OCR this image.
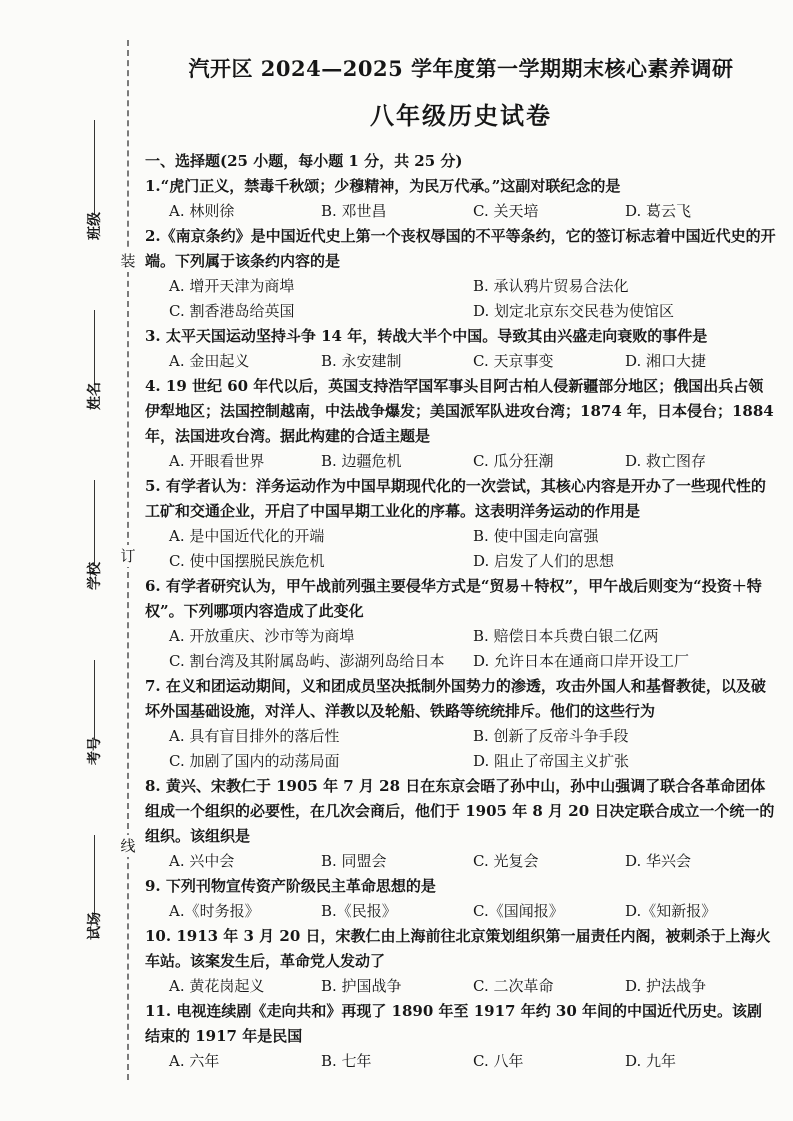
装
订
线
班级
姓名
学校
考号
试场
汽开区 2024—2025 学年度第一学期期末核心素养调研
八年级历史试卷
一、选择题(25 小题，每小题 1 分，共 25 分)

1.“虎门正义，禁毒千秋颂；少穆精神，为民万代承。”这副对联纪念的是

A. 林则徐	B. 邓世昌	C. 关天培	D. 葛云飞

2.《南京条约》是中国近代史上第一个丧权辱国的不平等条约，它的签订标志着中国近代史的开端。下列属于该条约内容的是

A. 增开天津为商埠	B. 承认鸦片贸易合法化
C. 割香港岛给英国	D. 划定北京东交民巷为使馆区

3. 太平天国运动坚持斗争 14 年，转战大半个中国。导致其由兴盛走向衰败的事件是

A. 金田起义	B. 永安建制	C. 天京事变	D. 湘口大捷

4. 19 世纪 60 年代以后，英国支持浩罕国军事头目阿古柏人侵新疆部分地区；俄国出兵占领伊犁地区；法国控制越南，中法战争爆发；美国派军队进攻台湾；1874 年，日本侵台；1884 年，法国进攻台湾。据此构建的合适主题是

A. 开眼看世界	B. 边疆危机	C. 瓜分狂潮	D. 救亡图存

5. 有学者认为：洋务运动作为中国早期现代化的一次尝试，其核心内容是开办了一些现代性的工矿和交通企业，开启了中国早期工业化的序幕。这表明洋务运动的作用是

A. 是中国近代化的开端	B. 使中国走向富强
C. 使中国摆脱民族危机	D. 启发了人们的思想

6. 有学者研究认为，甲午战前列强主要侵华方式是“贸易＋特权”，甲午战后则变为“投资＋特权”。下列哪项内容造成了此变化

A. 开放重庆、沙市等为商埠	B. 赔偿日本兵费白银二亿两
C. 割台湾及其附属岛屿、澎湖列岛给日本	D. 允许日本在通商口岸开设工厂

7. 在义和团运动期间，义和团成员坚决抵制外国势力的渗透，攻击外国人和基督教徒，以及破坏外国基础设施，对洋人、洋教以及轮船、铁路等统统排斥。他们的这些行为

A. 具有盲目排外的落后性	B. 创新了反帝斗争手段
C. 加剧了国内的动荡局面	D. 阻止了帝国主义扩张

8. 黄兴、宋教仁于 1905 年 7 月 28 日在东京会晤了孙中山，孙中山强调了联合各革命团体组成一个组织的必要性，在几次会商后，他们于 1905 年 8 月 20 日决定联合成立一个统一的组织。该组织是

A. 兴中会	B. 同盟会	C. 光复会	D. 华兴会

9. 下列刊物宣传资产阶级民主革命思想的是

A.《时务报》	B.《民报》	C.《国闻报》	D.《知新报》

10. 1913 年 3 月 20 日，宋教仁由上海前往北京策划组织第一届责任内阁，被刺杀于上海火车站。该案发生后，革命党人发动了

A. 黄花岗起义	B. 护国战争	C. 二次革命	D. 护法战争

11. 电视连续剧《走向共和》再现了 1890 年至 1917 年约 30 年间的中国近代历史。该剧结束的 1917 年是民国

A. 六年	B. 七年	C. 八年	D. 九年
